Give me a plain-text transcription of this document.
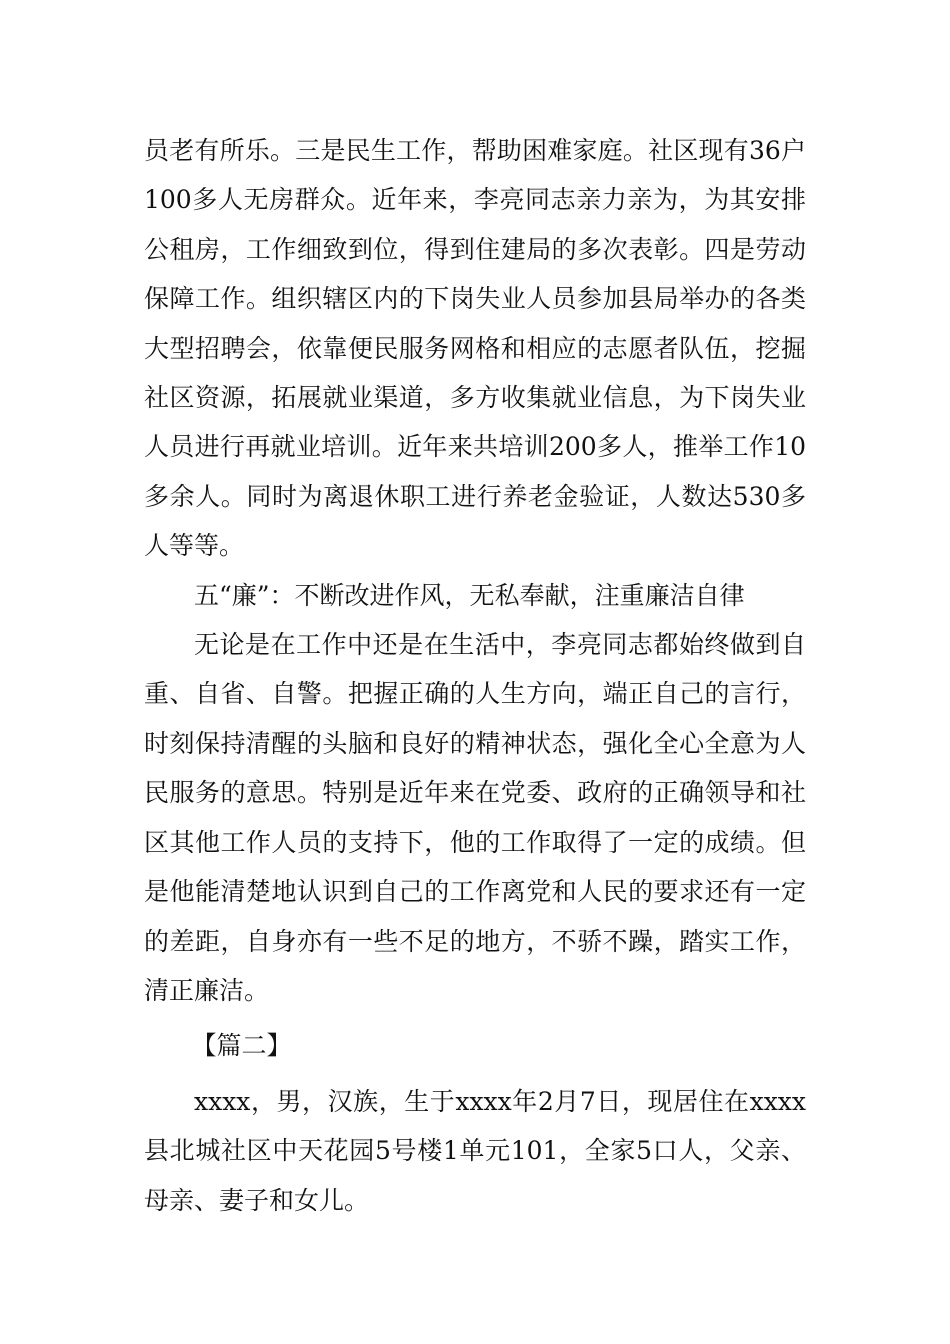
员老有所乐。三是民生工作，帮助困难家庭。社区现有36户100多人无房群众。近年来，李亮同志亲力亲为，为其安排公租房，工作细致到位，得到住建局的多次表彰。四是劳动保障工作。组织辖区内的下岗失业人员参加县局举办的各类大型招聘会，依靠便民服务网格和相应的志愿者队伍，挖掘社区资源，拓展就业渠道，多方收集就业信息，为下岗失业人员进行再就业培训。近年来共培训200多人，推举工作10多余人。同时为离退休职工进行养老金验证，人数达530多人等等。

五“廉”：不断改进作风，无私奉献，注重廉洁自律

无论是在工作中还是在生活中，李亮同志都始终做到自重、自省、自警。把握正确的人生方向，端正自己的言行，时刻保持清醒的头脑和良好的精神状态，强化全心全意为人民服务的意思。特别是近年来在党委、政府的正确领导和社区其他工作人员的支持下，他的工作取得了一定的成绩。但是他能清楚地认识到自己的工作离党和人民的要求还有一定的差距，自身亦有一些不足的地方，不骄不躁，踏实工作，清正廉洁。

【篇二】

xxxx，男，汉族，生于xxxx年2月7日，现居住在xxxx县北城社区中天花园5号楼1单元101，全家5口人，父亲、母亲、妻子和女儿。
